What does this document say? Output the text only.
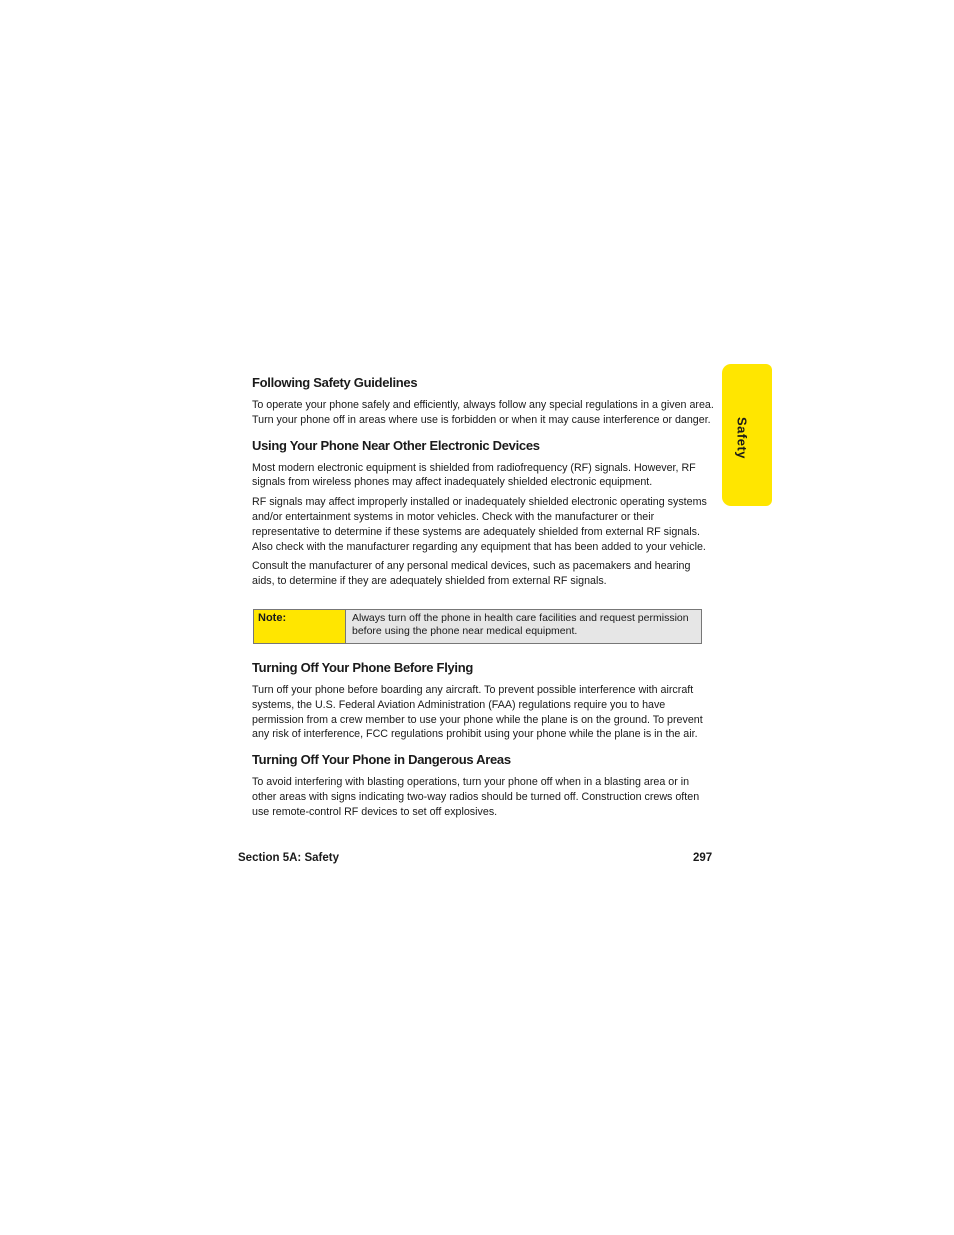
Safety
Following Safety Guidelines

To operate your phone safely and efficiently, always follow any special regulations in a given area. Turn your phone off in areas where use is forbidden or when it may cause interference or danger.

Using Your Phone Near Other Electronic Devices

Most modern electronic equipment is shielded from radiofrequency (RF) signals. However, RF signals from wireless phones may affect inadequately shielded electronic equipment.

RF signals may affect improperly installed or inadequately shielded electronic operating systems and/or entertainment systems in motor vehicles. Check with the manufacturer or their representative to determine if these systems are adequately shielded from external RF signals. Also check with the manufacturer regarding any equipment that has been added to your vehicle.

Consult the manufacturer of any personal medical devices, such as pacemakers and hearing aids, to determine if they are adequately shielded from external RF signals.

Note:	Always turn off the phone in health care facilities and request permission before using the phone near medical equipment.
Turning Off Your Phone Before Flying

Turn off your phone before boarding any aircraft. To prevent possible interference with aircraft systems, the U.S. Federal Aviation Administration (FAA) regulations require you to have permission from a crew member to use your phone while the plane is on the ground. To prevent any risk of interference, FCC regulations prohibit using your phone while the plane is in the air.

Turning Off Your Phone in Dangerous Areas

To avoid interfering with blasting operations, turn your phone off when in a blasting area or in other areas with signs indicating two-way radios should be turned off. Construction crews often use remote-control RF devices to set off explosives.

Section 5A: Safety	297
